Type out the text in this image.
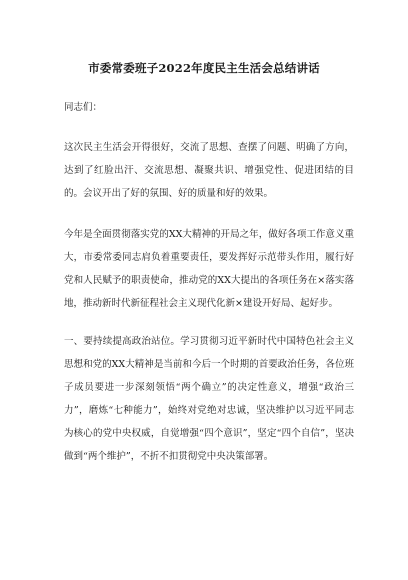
市委常委班子2022年度民主生活会总结讲话

同志们：

这次民主生活会开得很好，交流了思想、查摆了问题、明确了方向，达到了红脸出汗、交流思想、凝聚共识、增强党性、促进团结的目的。会议开出了好的氛围、好的质量和好的效果。

今年是全面贯彻落实党的XX大精神的开局之年，做好各项工作意义重大，市委常委同志肩负着重要责任，要发挥好示范带头作用，履行好党和人民赋予的职责使命，推动党的XX大提出的各项任务在×落实落地，推动新时代新征程社会主义现代化新×建设开好局、起好步。

一、要持续提高政治站位。学习贯彻习近平新时代中国特色社会主义思想和党的XX大精神是当前和今后一个时期的首要政治任务，各位班子成员要进一步深刻领悟“两个确立”的决定性意义，增强“政治三力”，磨炼“七种能力”，始终对党绝对忠诚，坚决维护以习近平同志为核心的党中央权威，自觉增强“四个意识”，坚定“四个自信”，坚决做到“两个维护”，不折不扣贯彻党中央决策部署。
